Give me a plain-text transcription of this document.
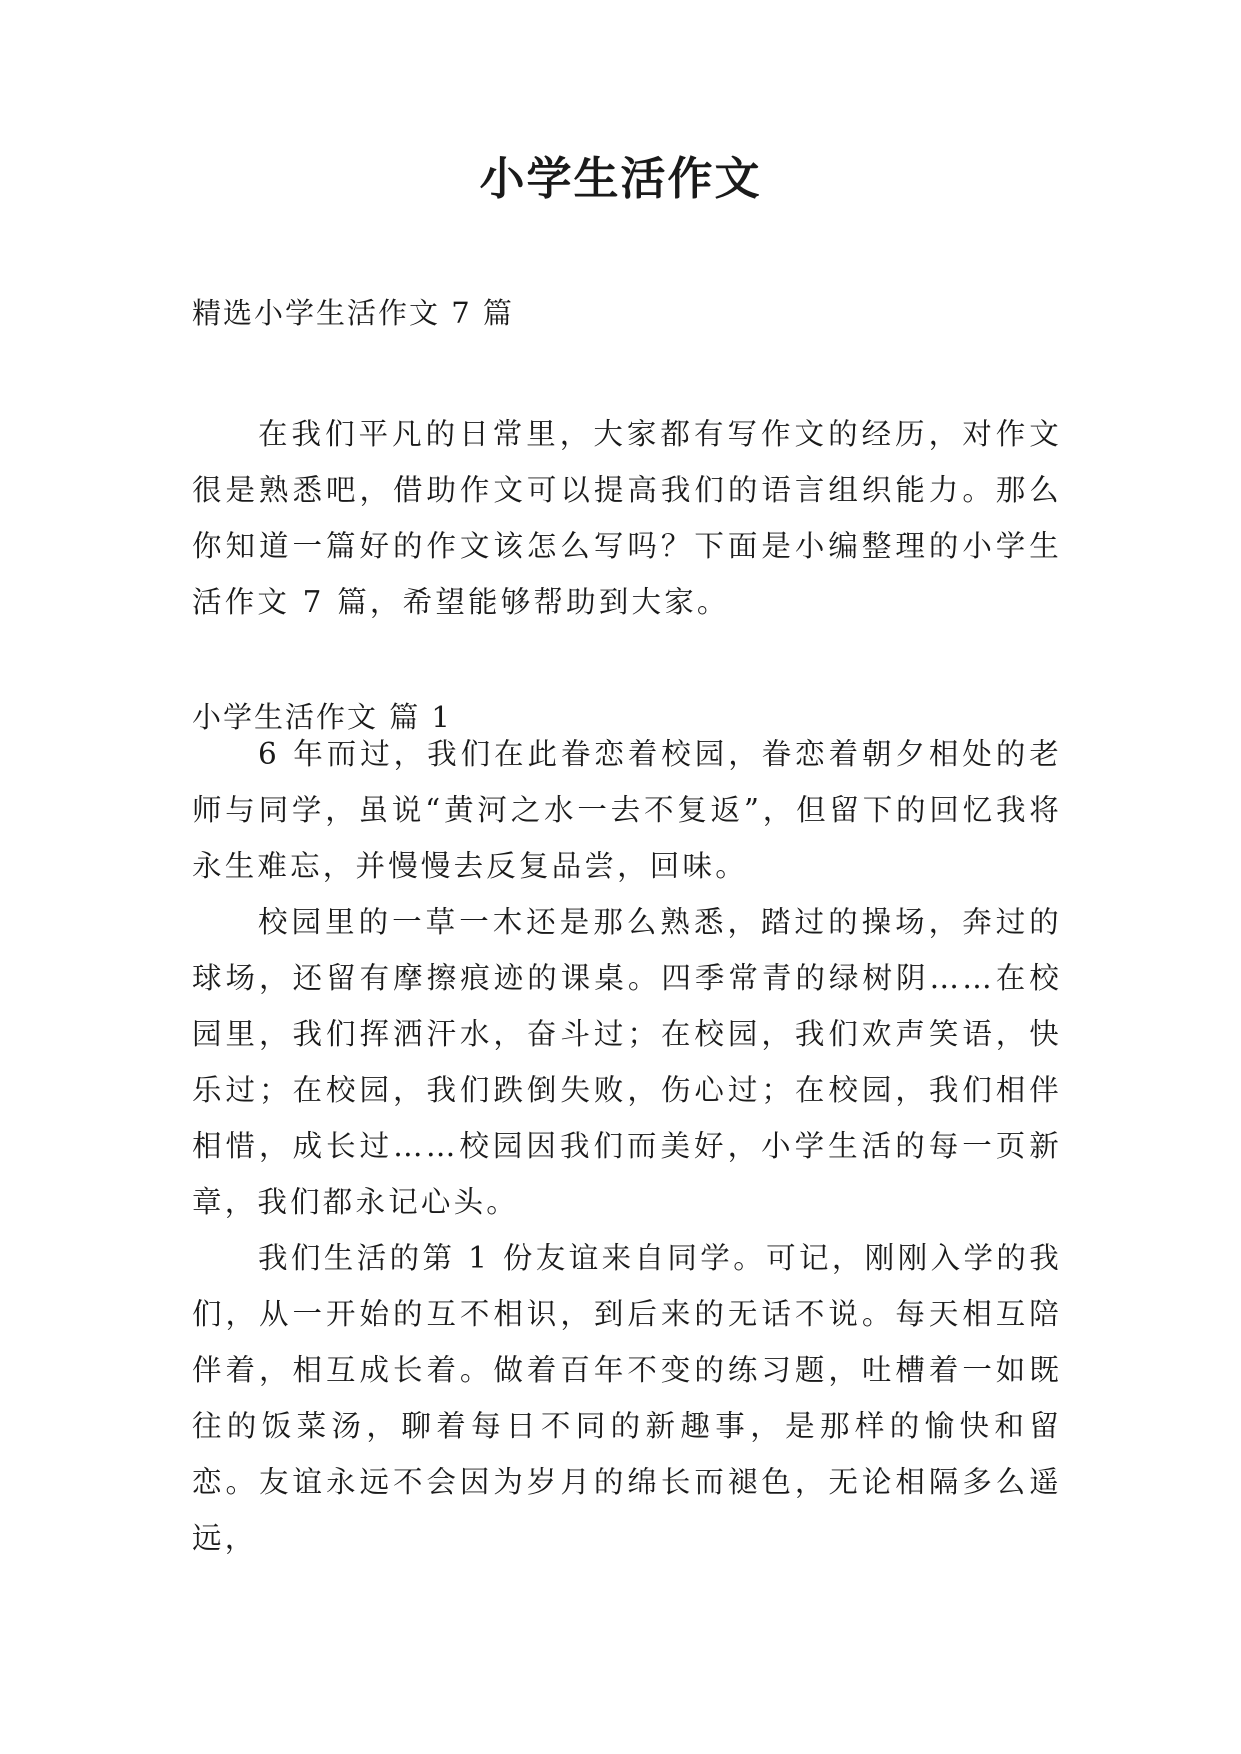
小学生活作文

精选小学生活作文 7 篇

在我们平凡的日常里，大家都有写作文的经历，对作文很是熟悉吧，借助作文可以提高我们的语言组织能力。那么你知道一篇好的作文该怎么写吗？下面是小编整理的小学生活作文 7 篇，希望能够帮助到大家。

小学生活作文 篇 1

6 年而过，我们在此眷恋着校园，眷恋着朝夕相处的老师与同学，虽说“黄河之水一去不复返”，但留下的回忆我将永生难忘，并慢慢去反复品尝，回味。

校园里的一草一木还是那么熟悉，踏过的操场，奔过的球场，还留有摩擦痕迹的课桌。四季常青的绿树阴……在校园里，我们挥洒汗水，奋斗过；在校园，我们欢声笑语，快乐过；在校园，我们跌倒失败，伤心过；在校园，我们相伴相惜，成长过……校园因我们而美好，小学生活的每一页新章，我们都永记心头。

我们生活的第 1 份友谊来自同学。可记，刚刚入学的我们，从一开始的互不相识，到后来的无话不说。每天相互陪伴着，相互成长着。做着百年不变的练习题，吐槽着一如既往的饭菜汤，聊着每日不同的新趣事，是那样的愉快和留恋。友谊永远不会因为岁月的绵长而褪色，无论相隔多么遥远，
